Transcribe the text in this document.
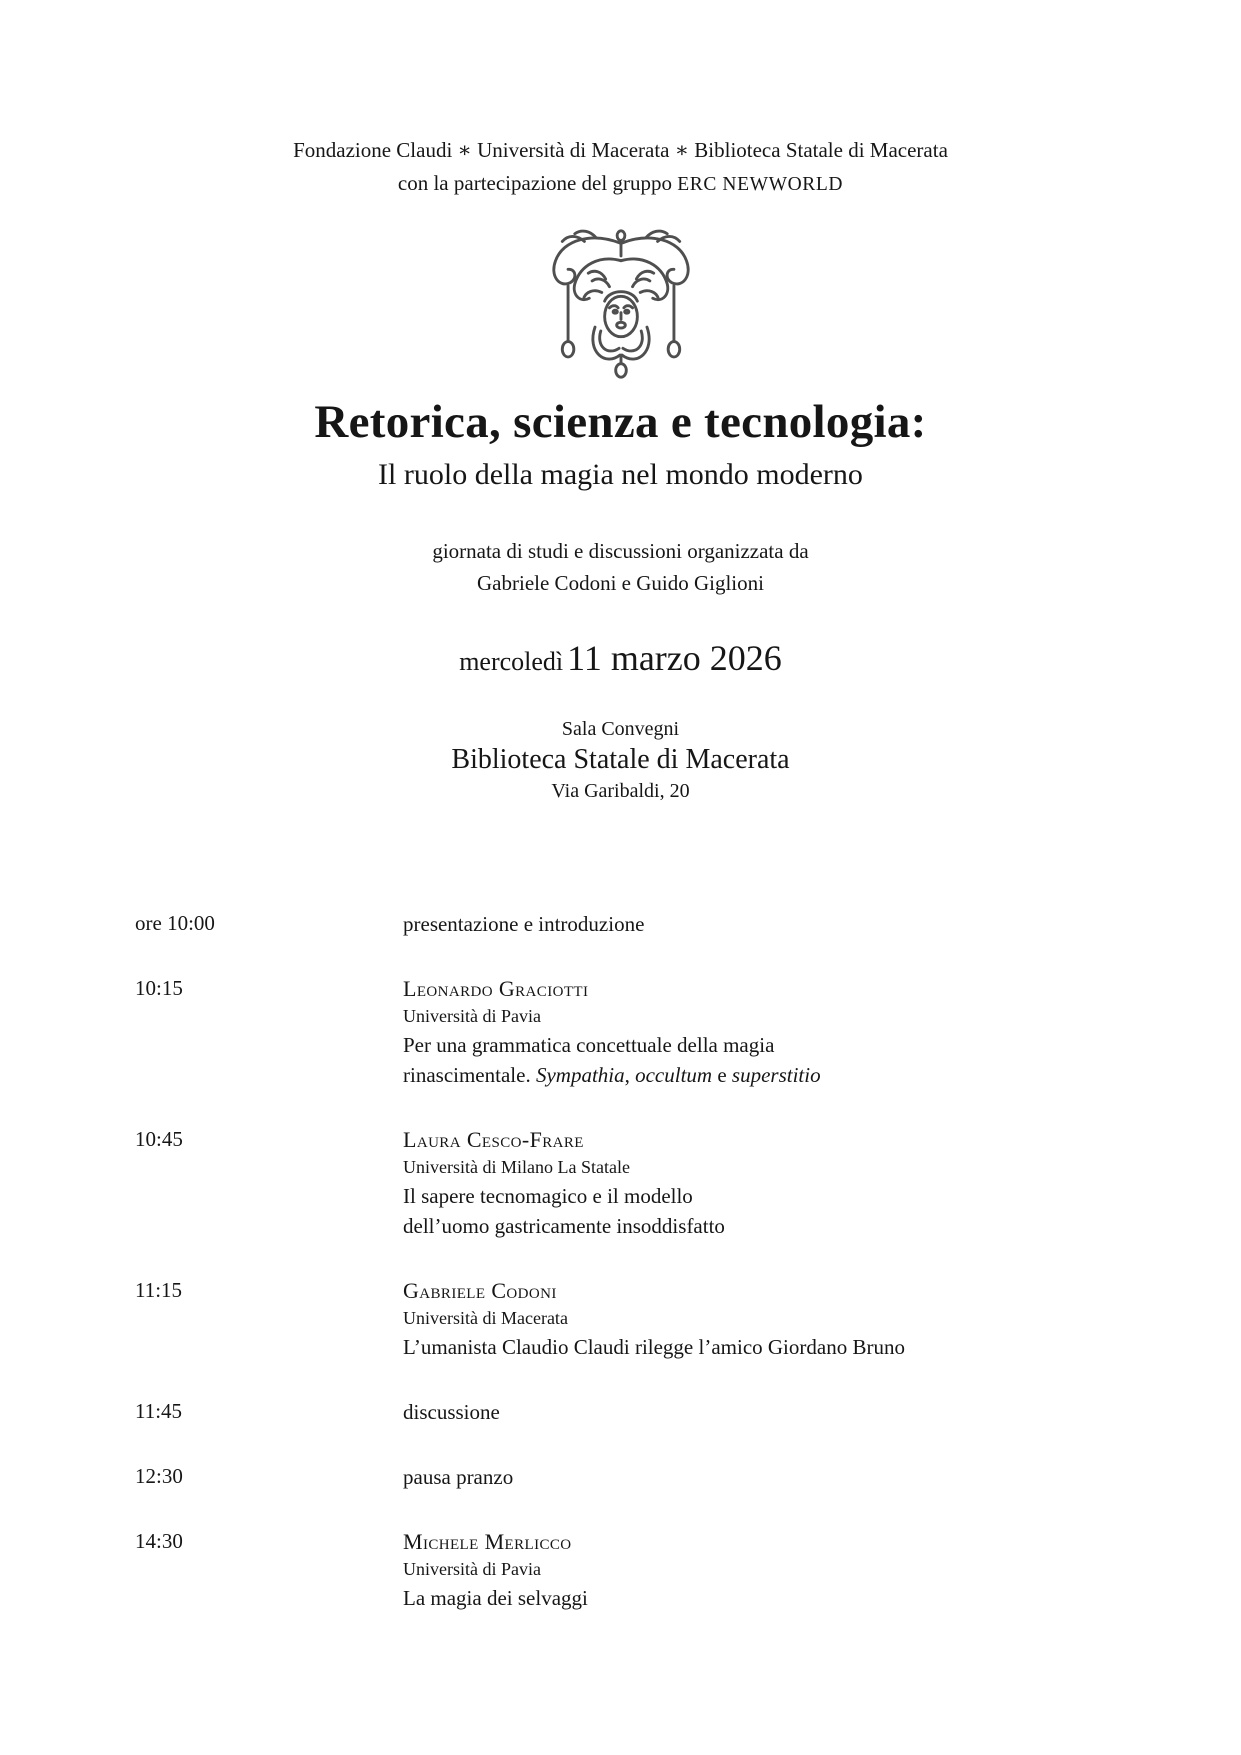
Fondazione Claudi ∗ Università di Macerata ∗ Biblioteca Statale di Macerata
con la partecipazione del gruppo ERC NEWWORLD
Retorica, scienza e tecnologia:
Il ruolo della magia nel mondo moderno
giornata di studi e discussioni organizzata da
Gabriele Codoni e Guido Giglioni
mercoledì 11 marzo 2026
Sala Convegni
Biblioteca Statale di Macerata
Via Garibaldi, 20
ore 10:00	presentazione e introduzione
10:15	Leonardo Graciotti
Università di Pavia
Per una grammatica concettuale della magia
rinascimentale. Sympathia, occultum e superstitio
10:45	Laura Cesco-Frare
Università di Milano La Statale
Il sapere tecnomagico e il modello
dell’uomo gastricamente insoddisfatto
11:15	Gabriele Codoni
Università di Macerata
L’umanista Claudio Claudi rilegge l’amico Giordano Bruno
11:45	discussione
12:30	pausa pranzo
14:30	Michele Merlicco
Università di Pavia
La magia dei selvaggi
